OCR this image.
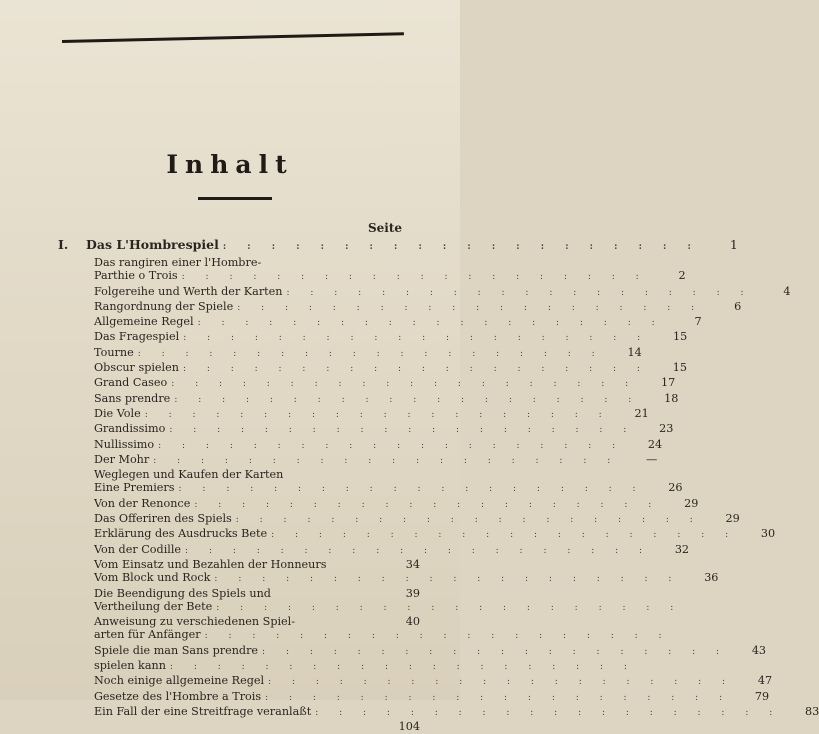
Inhalt
Seite
I.	Das L'Hombrespiel : : : : : : : : : : : : : : : : : : : :	1
Das rangiren einer l'Hombre-
Parthie o Trois : : : : : : : : : : : : : : : : : : : :	2
Folgereihe und Werth der Karten : : : : : : : : : : : : : : : : : : : :	4
Rangordnung der Spiele : : : : : : : : : : : : : : : : : : : :	6
Allgemeine Regel : : : : : : : : : : : : : : : : : : : :	7
Das Fragespiel : : : : : : : : : : : : : : : : : : : :	15
Tourne : : : : : : : : : : : : : : : : : : : :	14
Obscur spielen : : : : : : : : : : : : : : : : : : : :	15
Grand Caseo : : : : : : : : : : : : : : : : : : : :	17
Sans prendre : : : : : : : : : : : : : : : : : : : :	18
Die Vole : : : : : : : : : : : : : : : : : : : :	21
Grandissimo : : : : : : : : : : : : : : : : : : : :	23
Nullissimo : : : : : : : : : : : : : : : : : : : :	24
Der Mohr : : : : : : : : : : : : : : : : : : : :	—
Weglegen und Kaufen der Karten
Eine Premiers : : : : : : : : : : : : : : : : : : : :	26
Von der Renonce : : : : : : : : : : : : : : : : : : : :	29
Das Offeriren des Spiels : : : : : : : : : : : : : : : : : : : :	29
Erklärung des Ausdrucks Bete : : : : : : : : : : : : : : : : : : : :	30
Von der Codille : : : : : : : : : : : : : : : : : : : :	32
Vom Einsatz und Bezahlen der Honneurs	34
Vom Block und Rock : : : : : : : : : : : : : : : : : : : :	36
Die Beendigung des Spiels und	39
Vertheilung der Bete : : : : : : : : : : : : : : : : : : : :
Anweisung zu verschiedenen Spiel-	40
arten für Anfänger : : : : : : : : : : : : : : : : : : : :
Spiele die man Sans prendre : : : : : : : : : : : : : : : : : : : :	43
spielen kann : : : : : : : : : : : : : : : : : : : :
Noch einige allgemeine Regel : : : : : : : : : : : : : : : : : : : :	47
Gesetze des l'Hombre a Trois : : : : : : : : : : : : : : : : : : : :	79
Ein Fall der eine Streitfrage veranlaßt : : : : : : : : : : : : : : : : : : : :	83
104
